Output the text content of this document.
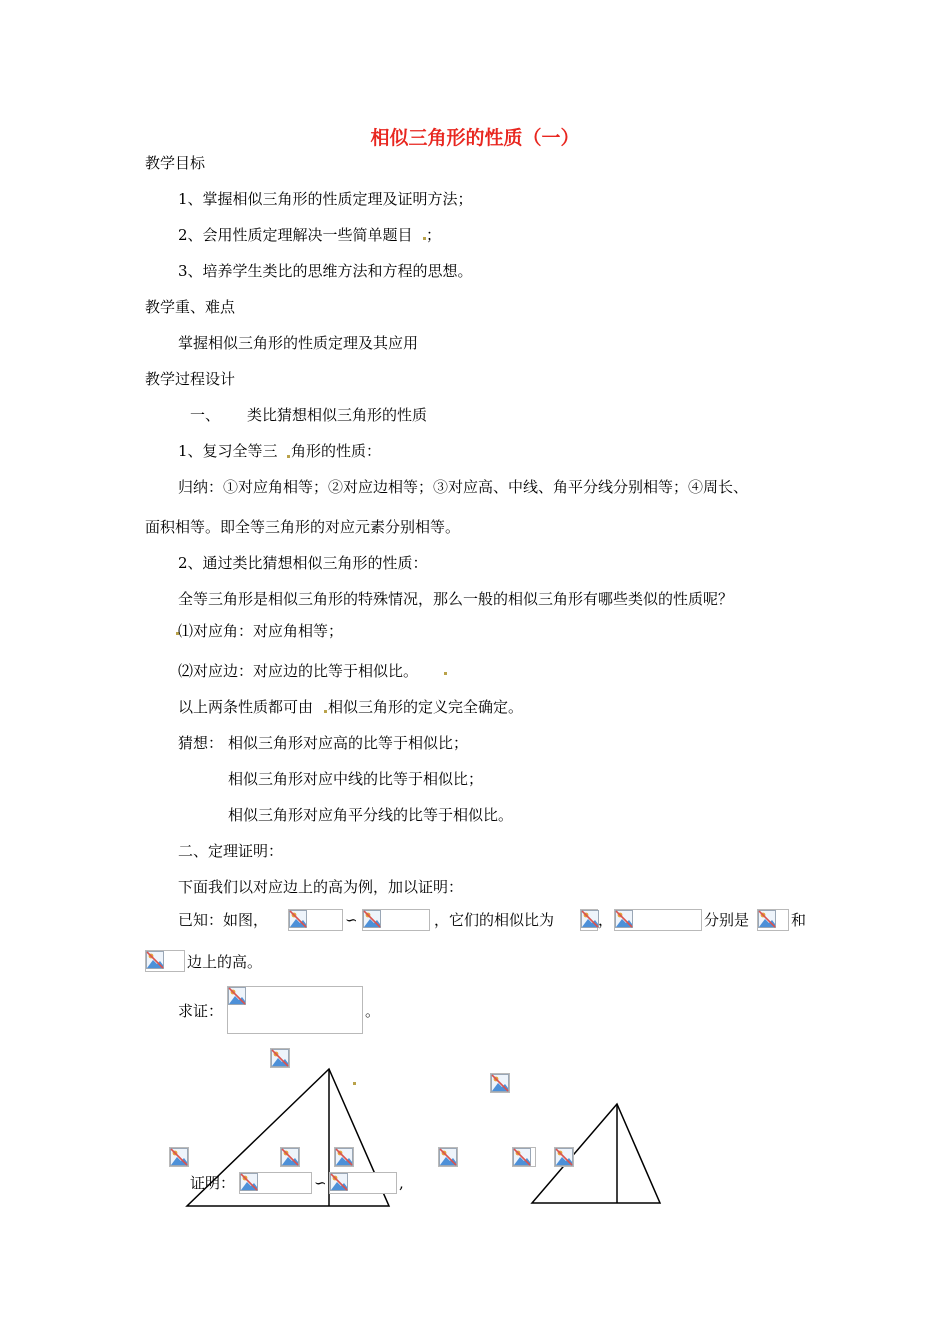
相似三角形的性质（一）
教学目标
1、掌握相似三角形的性质定理及证明方法；
2、会用性质定理解决一些简单题目 ；
3、培养学生类比的思维方法和方程的思想。
教学重、难点
掌握相似三角形的性质定理及其应用
教学过程设计
一、 类比猜想相似三角形的性质
1、复习全等三 角形的性质：
归纳：①对应角相等；②对应边相等；③对应高、中线、角平分线分别相等；④周长、
面积相等。即全等三角形的对应元素分别相等。
2、通过类比猜想相似三角形的性质：
全等三角形是相似三角形的特殊情况，那么一般的相似三角形有哪些类似的性质呢？
⑴对应角：对应角相等；
⑵对应边：对应边的比等于相似比。
以上两条性质都可由 相似三角形的定义完全确定。
猜想： 相似三角形对应高的比等于相似比；
相似三角形对应中线的比等于相似比；
相似三角形对应角平分线的比等于相似比。
二、定理证明：
下面我们以对应边上的高为例，加以证明：
已知：如图，	∽	，它们的相似比为	，	分别是	和
边上的高。
求证：	。
证明：	∽	,
